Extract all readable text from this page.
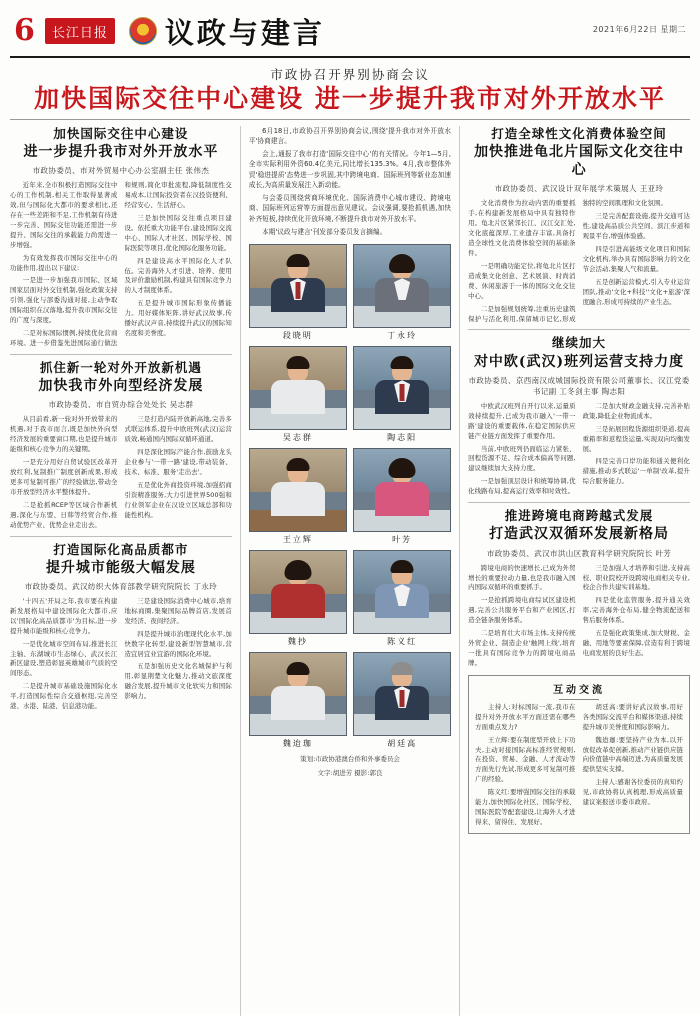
6	长江日报 议政与建言	2021年6月22日 星期二
市政协召开界别协商会议
加快国际交往中心建设 进一步提升我市对外开放水平
加快国际交往中心建设
进一步提升我市对外开放水平
市政协委员、市对外贸易中心办公室副主任 张伟杰

近年来,全市积极打造国际交往中心的工作机制,相关工作取得显著成效,但与国际化大都市的要求相比,还存在一些差距和不足,工作机制有待进一步完善、国际交往功能还需进一步提升、国际交往的承载能力尚需进一步增强。

为有效发挥我市国际交往中心的功能作用,提出以下建议:

一是进一步加强我市国际、区域国家层面对外交往机制,强化政策支持引领,强化与部委沟通对接,主动争取国际组织在汉落地,提升我市国际交往的广度与深度。

二是对标国际惯例,持续优化营商环境。进一步借鉴先进国际通行做法和规则,简化审批流程,降低制度性交易成本,让国际投资者在汉投资便利、经营安心、生活舒心。

三是加快国际交往重点项目建设。依托重大功能平台,建设国际交流中心、国际人才社区、国际学校、国际医院等项目,优化国际化服务功能。

四是建设高水平国际化人才队伍。完善海外人才引进、培养、使用及评价激励机制,构建具有国际竞争力的人才制度体系。

五是提升城市国际形象传播能力。用好媒体矩阵,讲好武汉故事,传播好武汉声音,持续提升武汉的国际知名度和美誉度。

抓住新一轮对外开放新机遇
加快我市外向型经济发展
市政协委员、市自贸办综合处处长 吴志群

从目前看,新一轮对外开放带来的机遇,对于我市而言,既是加快外向型经济发展的重要窗口期,也是提升城市能级和核心竞争力的关键期。

一是充分用好自贸试验区改革开放红利,复制推广制度创新成果,形成更多可复制可推广的经验做法,带动全市开放型经济水平整体提升。

二是抢抓RCEP等区域合作新机遇,深化与东盟、日韩等经贸合作,推动优势产业、优势企业走出去。

三是打造内陆开放新高地,完善多式联运体系,提升中欧班列(武汉)运营质效,畅通国内国际双循环通道。

四是深化国际产能合作,鼓励龙头企业参与'一带一路'建设,带动装备、技术、标准、服务'走出去'。

五是优化外商投资环境,加强招商引资精准服务,大力引进世界500强和行业领军企业在汉设立区域总部和功能性机构。

打造国际化高品质都市
提升城市能级大幅发展
市政协委员、武汉纺织大体育部教学研究院院长 丁永玲

'十四五'开局之年,我市要在构建新发展格局中建设国际化大都市,应以'国际化高品质都市'为目标,进一步提升城市能级和核心竞争力。

一是优化城市空间布局,推进长江主轴、东湖城市生态绿心、武汉长江新区建设,塑造彰显英雄城市气质的空间形态。

二是提升城市基础设施国际化水平,打造国际性综合交通枢纽,完善空港、水港、陆港、信息港功能。

三是建设国际消费中心城市,培育地标商圈,集聚国际品牌首店,发展首发经济、夜间经济。

四是提升城市治理现代化水平,加快数字化转型,建设新型智慧城市,营造宜居宜业宜游的国际化环境。

五是加强历史文化名城保护与利用,彰显荆楚文化魅力,推动文旅深度融合发展,提升城市文化软实力和国际影响力。

6月18日,市政协召开界别协商会议,围绕'提升我市对外开放水平'协商建言。

会上,通报了我市打造'国际交往中心'的有关情况。今年1—5月,全市实际利用外资60.4亿美元,同比增长135.3%。4月,我市整体外贸'稳进提质'态势进一步巩固,其中跨境电商、国际班列等新业态加速成长,为高质量发展注入新动能。

与会委员围绕营商环境优化、国际消费中心城市建设、跨境电商、国际班列运营等方面提出意见建议。会议强调,要抢抓机遇,加快补齐短板,持续优化开放环境,不断提升我市对外开放水平。

本期'议政与建言'刊发部分委员发言摘编。

段晓明	丁永玲
吴志群	陶志阳
王立辉	叶芳
魏抄	陈义红
魏迨珈	胡廷高
策划:市政协港澳台侨和外事委员会
文字:胡进芳 摄影:郭良
打造全球性文化消费体验空间
加快推进龟北片国际文化交往中心
市政协委员、武汉设计双年展学术策展人 王亚玲

文化消费作为拉动内需的重要抓手,在构建新发展格局中具有独特作用。龟北片区紧邻长江、汉江交汇处,文化底蕴深厚,工业遗存丰富,具备打造全球性文化消费体验空间的基础条件。

一是明确功能定位,将龟北片区打造成集文化创意、艺术展演、时尚消费、休闲旅游于一体的国际文化交往中心。

二是加强规划统筹,注重历史建筑保护与活化利用,保留城市记忆,形成独特的空间肌理和文化氛围。

三是完善配套设施,提升交通可达性,建设高品质公共空间、滨江步道和观景平台,增强体验感。

四是引进高能级文化项目和国际文化机构,举办具有国际影响力的文化节会活动,集聚人气和流量。

五是创新运营模式,引入专业运营团队,推动'文化+科技''文化+旅游'深度融合,形成可持续的产业生态。

继续加大
对中欧(武汉)班列运营支持力度
市政协委员、京西南汉成城国际投资有限公司董事长、汉江党委书记副 工冬剑主事 陶志阳

中欧武汉班列自开行以来,运量质效持续提升,已成为我市融入'一带一路'建设的重要载体,在稳定国际供应链产业链方面发挥了重要作用。

当前,中欧班列仍面临运力紧张、回程货源不足、综合成本偏高等问题,建议继续加大支持力度。

一是加强顶层设计和统筹协调,优化线路布局,提高运行效率和时效性。

二是加大财政金融支持,完善补贴政策,降低企业物流成本。

三是拓展回程货源组织渠道,提高重箱率和返程货运量,实现双向均衡发展。

四是完善口岸功能和通关便利化措施,推动多式联运'一单制'改革,提升综合服务能力。

推进跨境电商跨越式发展
打造武汉双循环发展新格局
市政协委员、武汉市洪山区教育科学研究院院长 叶芳

跨境电商的快速增长,已成为外贸增长的重要拉动力量,也是我市融入国内国际双循环的重要抓手。

一是抢抓跨境电商综试区建设机遇,完善公共服务平台和产业园区,打造全链条服务体系。

二是培育壮大市场主体,支持传统外贸企业、制造企业'触网上线',培育一批具有国际竞争力的跨境电商品牌。

三是加强人才培养和引进,支持高校、职业院校开设跨境电商相关专业,校企合作共建实训基地。

四是优化监管服务,提升通关效率,完善海外仓布局,健全物流配送和售后服务体系。

五是强化政策集成,加大财税、金融、用地等要素保障,营造有利于跨境电商发展的良好生态。

互动交流

主持人:对标国际一流,我市在提升对外开放水平方面还需在哪些方面重点发力?

王立辉:要在制度型开放上下功夫,主动对接国际高标准经贸规则,在投资、贸易、金融、人才流动等方面先行先试,形成更多可复制可推广的经验。

陈义红:要增强国际交往的承载能力,加快国际化社区、国际学校、国际医院等配套建设,让海外人才进得来、留得住、发展好。

胡廷高:要讲好武汉故事,用好各类国际交流平台和媒体渠道,持续提升城市美誉度和国际影响力。

魏迨珈:要坚持产业为本,以开放促改革促创新,推动产业链供应链向价值链中高端迈进,为高质量发展提供坚实支撑。

主持人:感谢各位委员的真知灼见,市政协将认真梳理,形成高质量建议案报送市委市政府。
